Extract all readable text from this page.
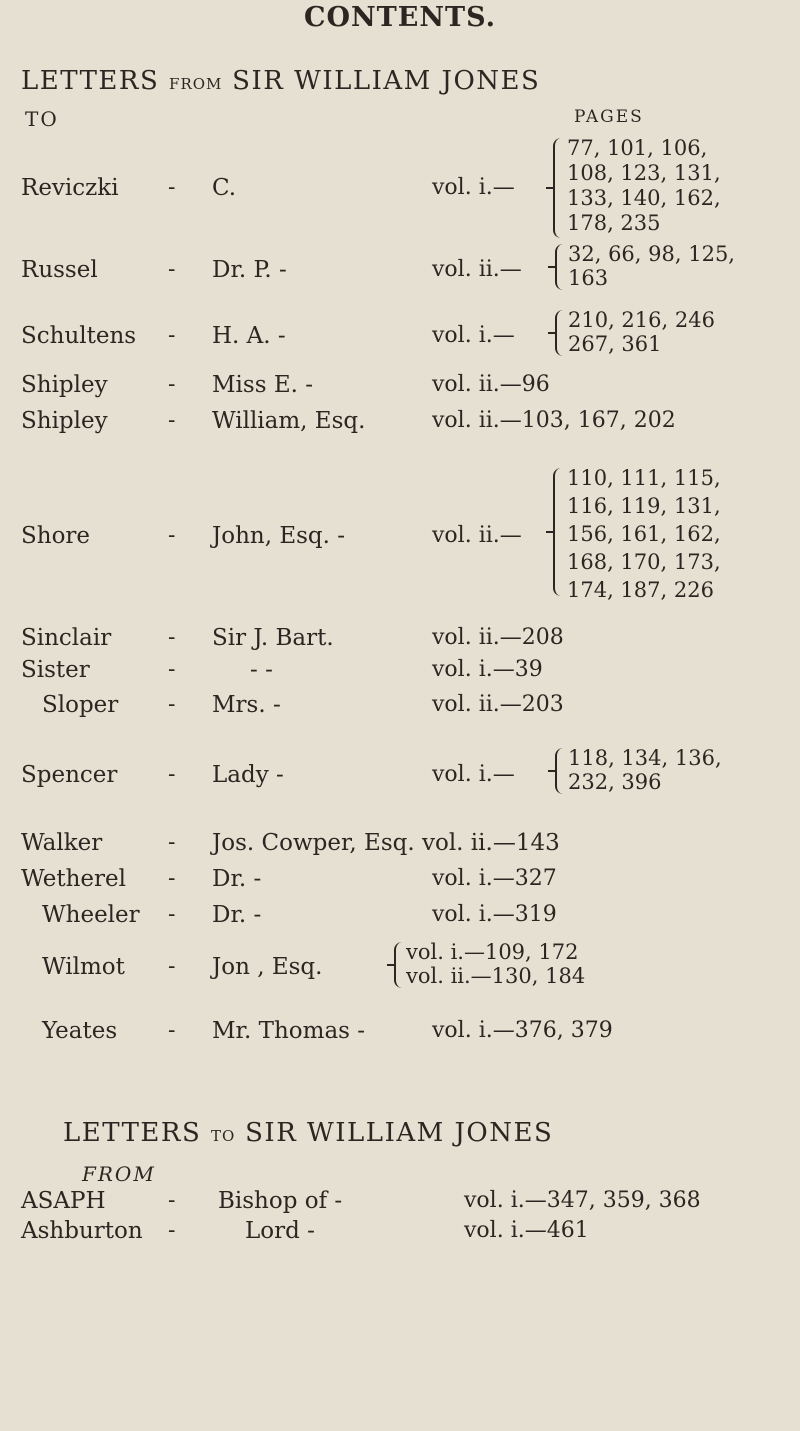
CONTENTS.
LETTERS FROM SIR WILLIAM JONES
TO	PAGES
Reviczki - C.	vol. i.—
77, 101, 106,
108, 123, 131,
133, 140, 162,
178, 235
Russel	- Dr. P. -	vol. ii.—
32, 66, 98, 125,
163
Schultens - H. A. -	vol. i.—
210, 216, 246
267, 361
Shipley	- Miss E. -	vol. ii.—96
Shipley	- William, Esq.	vol. ii.—103, 167, 202
Shore	- John, Esq. -	vol. ii.—
110, 111, 115,
116, 119, 131,
156, 161, 162,
168, 170, 173,
174, 187, 226
Sinclair	- Sir J. Bart.	vol. ii.—208
Sister	-	- -	vol. i.—39
Sloper - Mrs. -	vol. ii.—203
Spencer - Lady -	vol. i.—
118, 134, 136,
232, 396
Walker	- Jos. Cowper, Esq. vol. ii.—143
Wetherel - Dr. -	vol. i.—327
Wheeler - Dr. -	vol. i.—319
Wilmot - Jon , Esq.
vol. i.—109, 172
vol. ii.—130, 184
Yeates - Mr. Thomas -	vol. i.—376, 379
LETTERS TO SIR WILLIAM JONES
FROM
ASAPH	- Bishop of -	vol. i.—347, 359, 368
Ashburton -	Lord -	vol. i.—461
